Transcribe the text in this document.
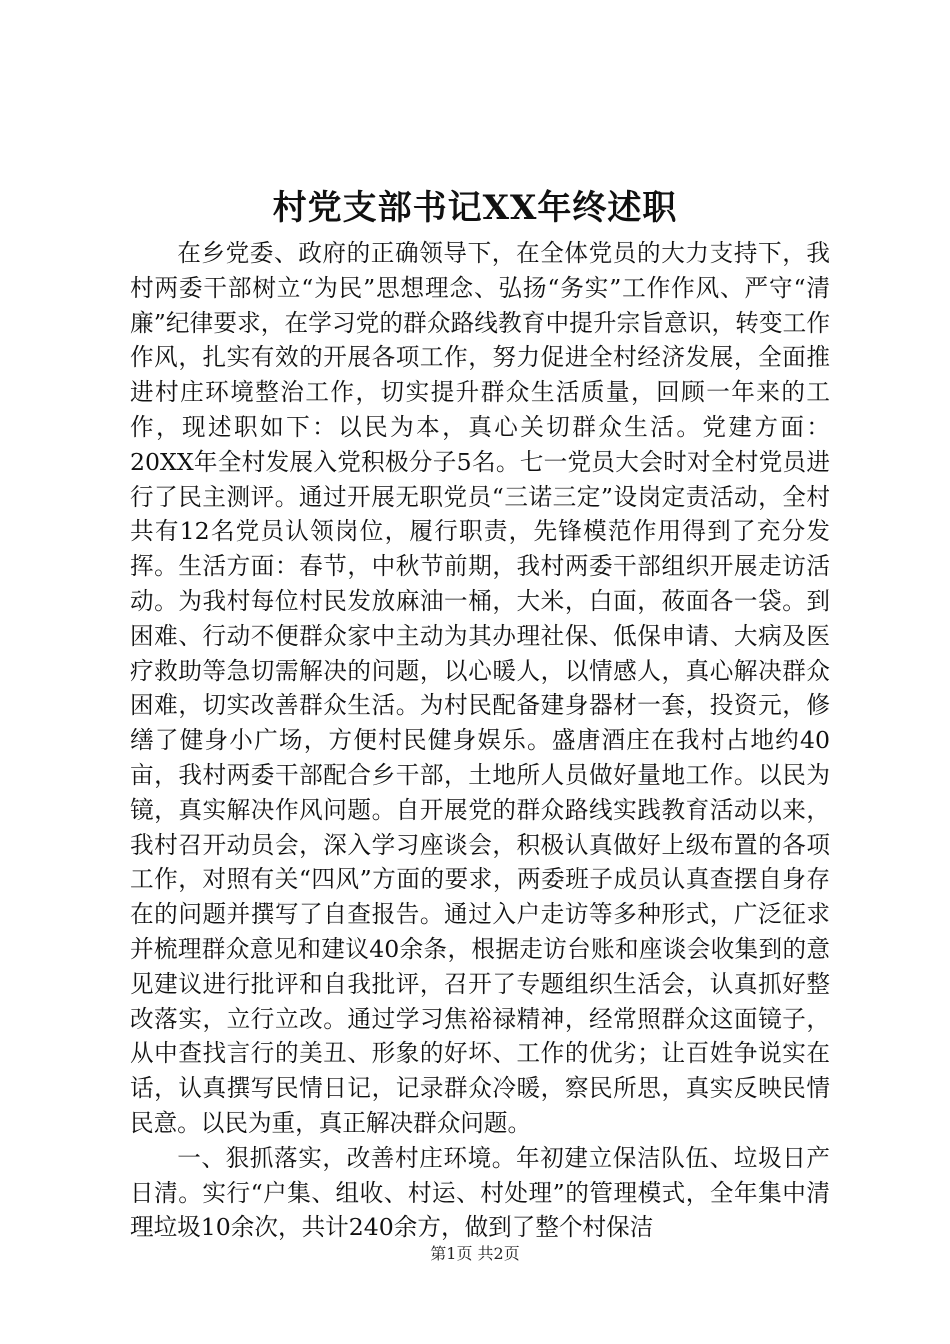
村党支部书记XX年终述职

在乡党委、政府的正确领导下，在全体党员的大力支持下，我村两委干部树立“为民”思想理念、弘扬“务实”工作作风、严守“清廉”纪律要求，在学习党的群众路线教育中提升宗旨意识，转变工作作风，扎实有效的开展各项工作，努力促进全村经济发展，全面推进村庄环境整治工作，切实提升群众生活质量，回顾一年来的工作，现述职如下：以民为本，真心关切群众生活。党建方面：20XX年全村发展入党积极分子5名。七一党员大会时对全村党员进行了民主测评。通过开展无职党员“三诺三定”设岗定责活动，全村共有12名党员认领岗位，履行职责，先锋模范作用得到了充分发挥。生活方面：春节，中秋节前期，我村两委干部组织开展走访活动。为我村每位村民发放麻油一桶，大米，白面，莜面各一袋。到困难、行动不便群众家中主动为其办理社保、低保申请、大病及医疗救助等急切需解决的问题，以心暖人，以情感人，真心解决群众困难，切实改善群众生活。为村民配备建身器材一套，投资元，修缮了健身小广场，方便村民健身娱乐。盛唐酒庄在我村占地约40亩，我村两委干部配合乡干部，土地所人员做好量地工作。以民为镜，真实解决作风问题。自开展党的群众路线实践教育活动以来，我村召开动员会，深入学习座谈会，积极认真做好上级布置的各项工作，对照有关“四风”方面的要求，两委班子成员认真查摆自身存在的问题并撰写了自查报告。通过入户走访等多种形式，广泛征求并梳理群众意见和建议40余条，根据走访台账和座谈会收集到的意见建议进行批评和自我批评，召开了专题组织生活会，认真抓好整改落实，立行立改。通过学习焦裕禄精神，经常照群众这面镜子，从中查找言行的美丑、形象的好坏、工作的优劣；让百姓争说实在话，认真撰写民情日记，记录群众冷暖，察民所思，真实反映民情民意。以民为重，真正解决群众问题。

一、狠抓落实，改善村庄环境。年初建立保洁队伍、垃圾日产日清。实行“户集、组收、村运、村处理”的管理模式，全年集中清理垃圾10余次，共计240余方，做到了整个村保洁

第1页 共2页
